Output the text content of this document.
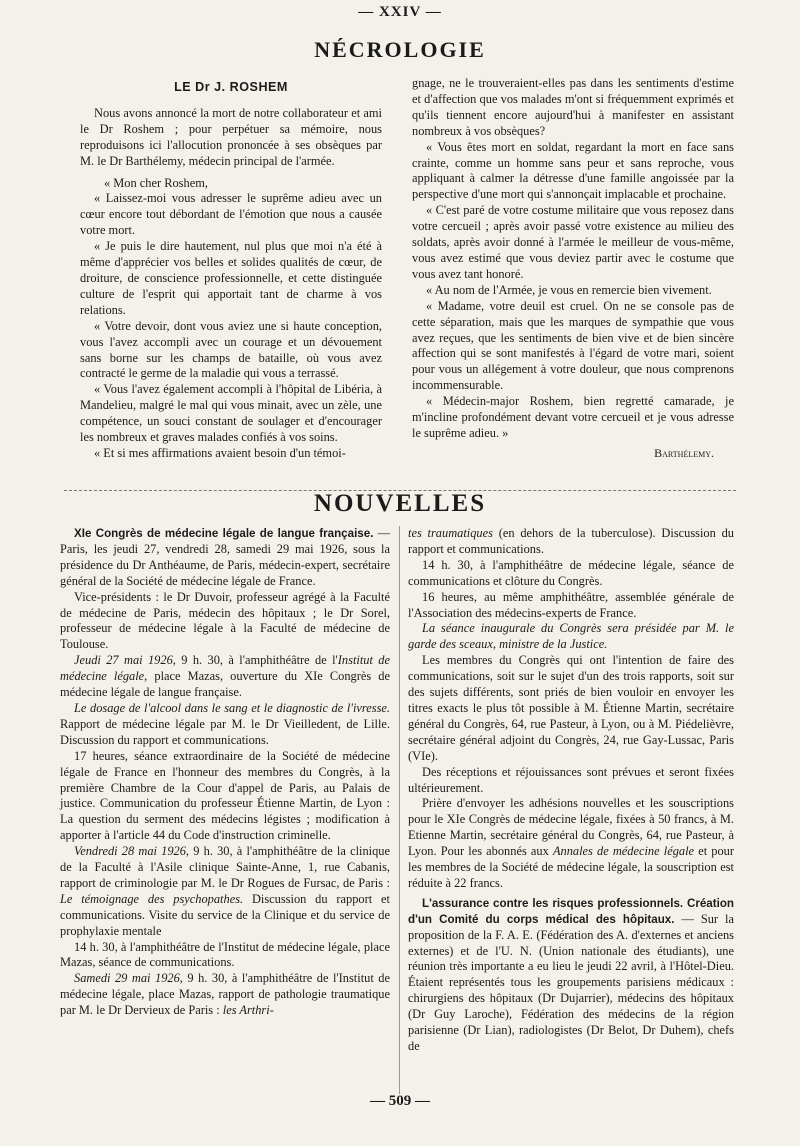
— XXIV —
NÉCROLOGIE
LE Dr J. ROSHEM

Nous avons annoncé la mort de notre collaborateur et ami le Dr Roshem ; pour perpétuer sa mémoire, nous reproduisons ici l'allocution prononcée à ses obsèques par M. le Dr Barthélemy, médecin principal de l'armée.

« Mon cher Roshem,

« Laissez-moi vous adresser le suprême adieu avec un cœur encore tout débordant de l'émotion que nous a causée votre mort.

« Je puis le dire hautement, nul plus que moi n'a été à même d'apprécier vos belles et solides qualités de cœur, de droiture, de conscience professionnelle, et cette distinguée culture de l'esprit qui apportait tant de charme à vos relations.

« Votre devoir, dont vous aviez une si haute conception, vous l'avez accompli avec un courage et un dévouement sans borne sur les champs de bataille, où vous avez contracté le germe de la maladie qui vous a terrassé.

« Vous l'avez également accompli à l'hôpital de Libéria, à Mandelieu, malgré le mal qui vous minait, avec un zèle, une compétence, un souci constant de soulager et d'encourager les nombreux et graves malades confiés à vos soins.

« Et si mes affirmations avaient besoin d'un témoi-

gnage, ne le trouveraient-elles pas dans les sentiments d'estime et d'affection que vos malades m'ont si fréquemment exprimés et qu'ils tiennent encore aujourd'hui à manifester en assistant nombreux à vos obsèques?

« Vous êtes mort en soldat, regardant la mort en face sans crainte, comme un homme sans peur et sans reproche, vous appliquant à calmer la détresse d'une famille angoissée par la perspective d'une mort qui s'annonçait implacable et prochaine.

« C'est paré de votre costume militaire que vous reposez dans votre cercueil ; après avoir passé votre existence au milieu des soldats, après avoir donné à l'armée le meilleur de vous-même, vous avez estimé que vous deviez partir avec le costume que vous avez tant honoré.

« Au nom de l'Armée, je vous en remercie bien vivement.

« Madame, votre deuil est cruel. On ne se console pas de cette séparation, mais que les marques de sympathie que vous avez reçues, que les sentiments de bien vive et de bien sincère affection qui se sont manifestés à l'égard de votre mari, soient pour vous un allégement à votre douleur, que nous comprenons incommensurable.

« Médecin-major Roshem, bien regretté camarade, je m'incline profondément devant votre cercueil et je vous adresse le suprême adieu. »

Barthélemy.
NOUVELLES

XIe Congrès de médecine légale de langue française. — Paris, les jeudi 27, vendredi 28, samedi 29 mai 1926, sous la présidence du Dr Anthéaume, de Paris, médecin-expert, secrétaire général de la Société de médecine légale de France.

Vice-présidents : le Dr Duvoir, professeur agrégé à la Faculté de médecine de Paris, médecin des hôpitaux ; le Dr Sorel, professeur de médecine légale à la Faculté de médecine de Toulouse.

Jeudi 27 mai 1926, 9 h. 30, à l'amphithéâtre de l'Institut de médecine légale, place Mazas, ouverture du XIe Congrès de médecine légale de langue française.

Le dosage de l'alcool dans le sang et le diagnostic de l'ivresse. Rapport de médecine légale par M. le Dr Vieilledent, de Lille. Discussion du rapport et communications.

17 heures, séance extraordinaire de la Société de médecine légale de France en l'honneur des membres du Congrès, à la première Chambre de la Cour d'appel de Paris, au Palais de justice. Communication du professeur Étienne Martin, de Lyon : La question du serment des médecins légistes ; modification à apporter à l'article 44 du Code d'instruction criminelle.

Vendredi 28 mai 1926, 9 h. 30, à l'amphithéâtre de la clinique de la Faculté à l'Asile clinique Sainte-Anne, 1, rue Cabanis, rapport de criminologie par M. le Dr Rogues de Fursac, de Paris : Le témoignage des psychopathes. Discussion du rapport et communications. Visite du service de la Clinique et du service de prophylaxie mentale

14 h. 30, à l'amphithéâtre de l'Institut de médecine légale, place Mazas, séance de communications.

Samedi 29 mai 1926, 9 h. 30, à l'amphithéâtre de l'Institut de médecine légale, place Mazas, rapport de pathologie traumatique par M. le Dr Dervieux de Paris : les Arthri-

tes traumatiques (en dehors de la tuberculose). Discussion du rapport et communications.

14 h. 30, à l'amphithéâtre de médecine légale, séance de communications et clôture du Congrès.

16 heures, au même amphithéâtre, assemblée générale de l'Association des médecins-experts de France.

La séance inaugurale du Congrès sera présidée par M. le garde des sceaux, ministre de la Justice.

Les membres du Congrès qui ont l'intention de faire des communications, soit sur le sujet d'un des trois rapports, soit sur des sujets différents, sont priés de bien vouloir en envoyer les titres exacts le plus tôt possible à M. Étienne Martin, secrétaire général du Congrès, 64, rue Pasteur, à Lyon, ou à M. Piédelièvre, secrétaire général adjoint du Congrès, 24, rue Gay-Lussac, Paris (VIe).

Des réceptions et réjouissances sont prévues et seront fixées ultérieurement.

Prière d'envoyer les adhésions nouvelles et les souscriptions pour le XIe Congrès de médecine légale, fixées à 50 francs, à M. Etienne Martin, secrétaire général du Congrès, 64, rue Pasteur, à Lyon. Pour les abonnés aux Annales de médecine légale et pour les membres de la Société de médecine légale, la souscription est réduite à 22 francs.

L'assurance contre les risques professionnels. Création d'un Comité du corps médical des hôpitaux. — Sur la proposition de la F. A. E. (Fédération des A. d'externes et anciens externes) et de l'U. N. (Union nationale des étudiants), une réunion très importante a eu lieu le jeudi 22 avril, à l'Hôtel-Dieu. Étaient représentés tous les groupements parisiens médicaux : chirurgiens des hôpitaux (Dr Dujarrier), médecins des hôpitaux (Dr Guy Laroche), Fédération des médecins de la région parisienne (Dr Lian), radiologistes (Dr Belot, Dr Duhem), chefs de

— 509 —
